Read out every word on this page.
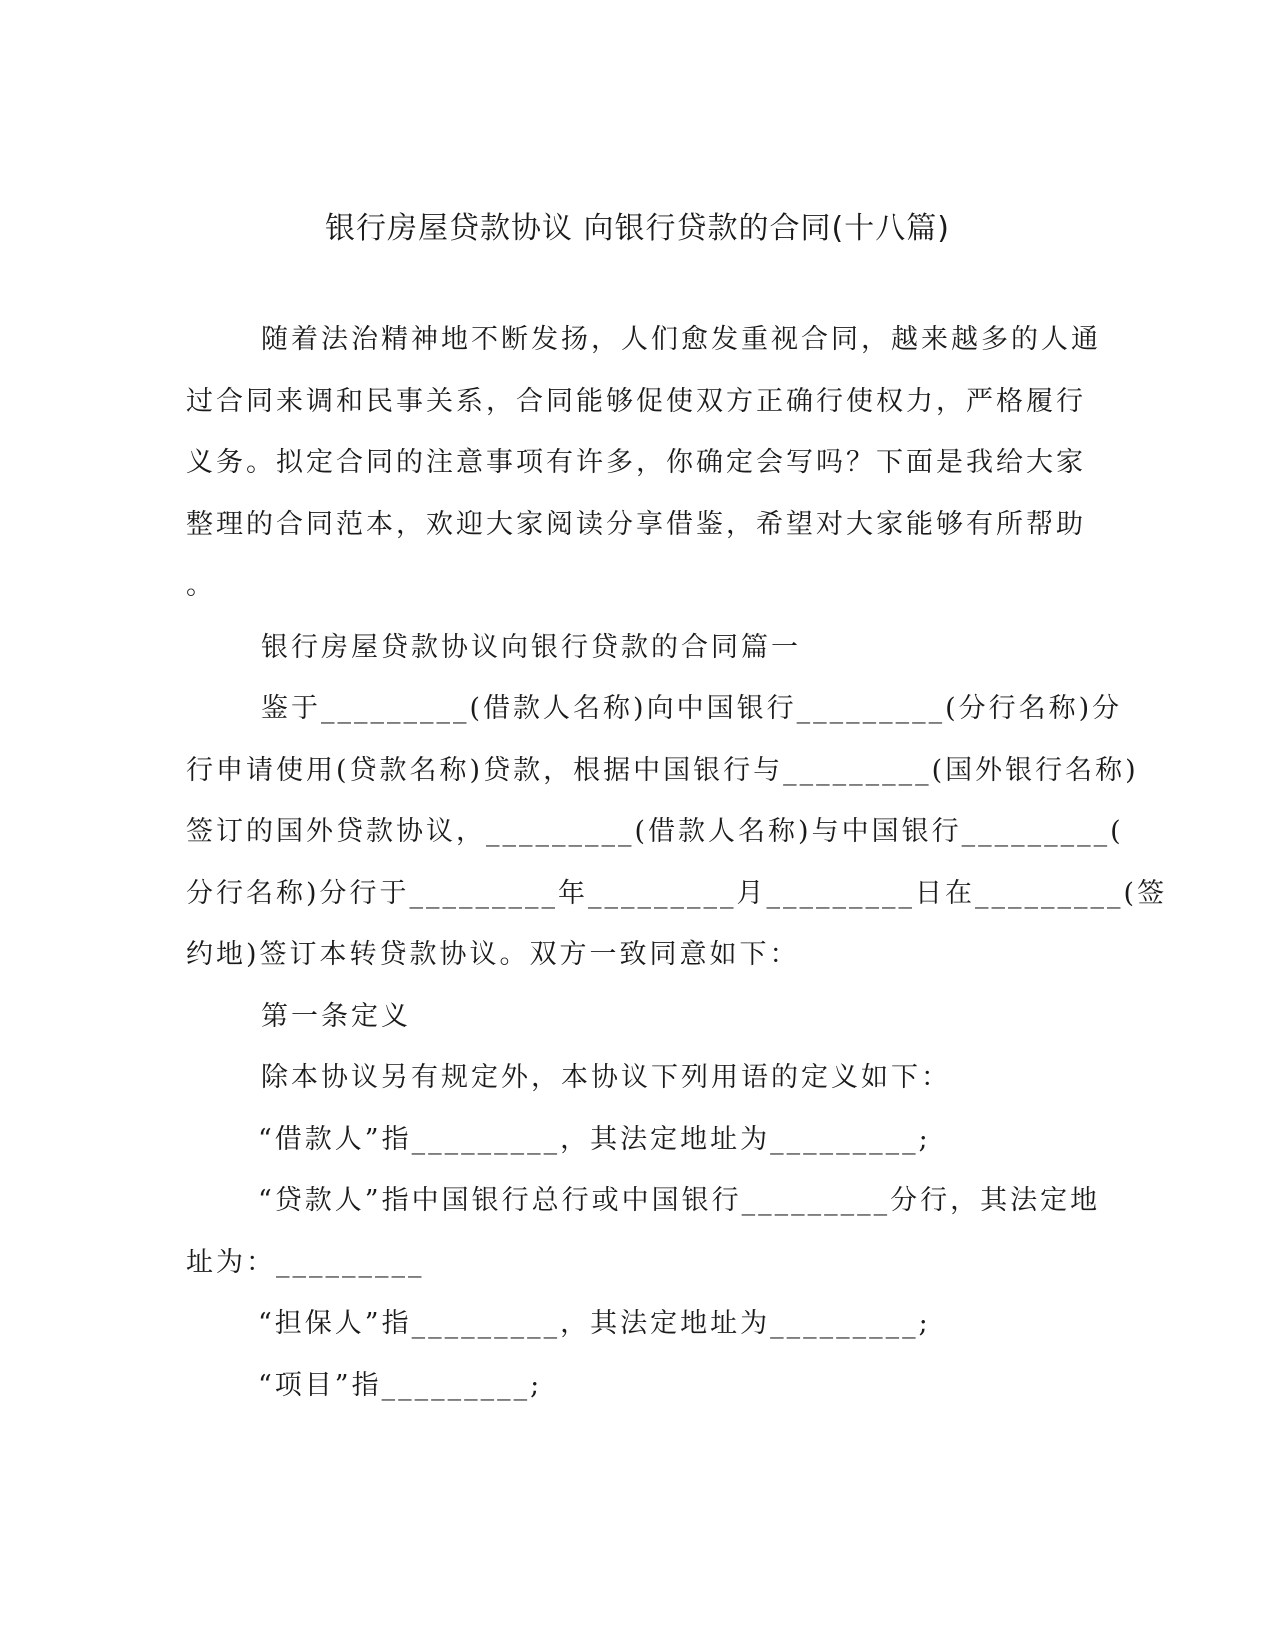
银行房屋贷款协议 向银行贷款的合同(十八篇)
随着法治精神地不断发扬，人们愈发重视合同，越来越多的人通
过合同来调和民事关系，合同能够促使双方正确行使权力，严格履行
义务。拟定合同的注意事项有许多，你确定会写吗？下面是我给大家
整理的合同范本，欢迎大家阅读分享借鉴，希望对大家能够有所帮助
。
银行房屋贷款协议向银行贷款的合同篇一
鉴于_________(借款人名称)向中国银行_________(分行名称)分
行申请使用(贷款名称)贷款，根据中国银行与_________(国外银行名称)
签订的国外贷款协议，_________(借款人名称)与中国银行_________(
分行名称)分行于_________年_________月_________日在_________(签
约地)签订本转贷款协议。双方一致同意如下：
第一条定义
除本协议另有规定外，本协议下列用语的定义如下：
“借款人”指_________，其法定地址为_________;
“贷款人”指中国银行总行或中国银行_________分行，其法定地
址为：_________
“担保人”指_________，其法定地址为_________;
“项目”指_________;
